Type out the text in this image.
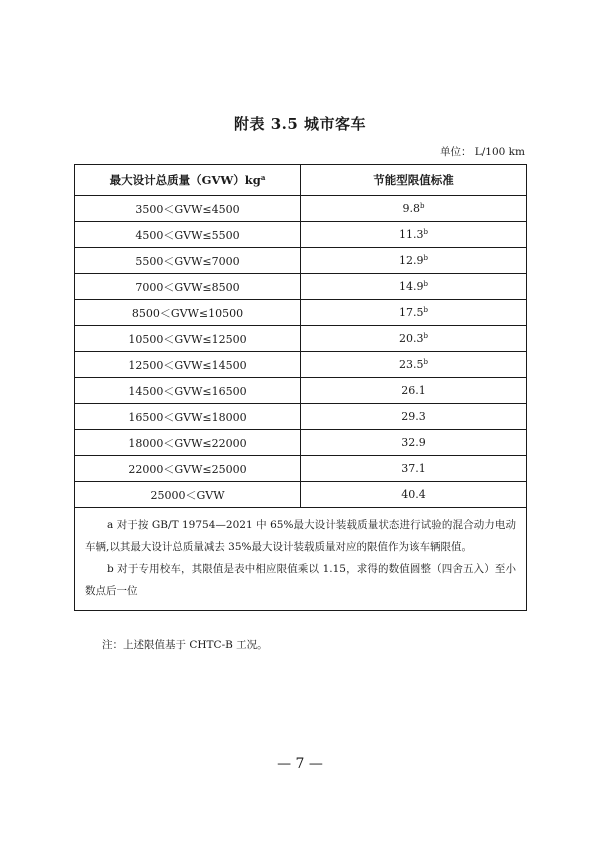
附表 3.5 城市客车
单位： L/100 km
最大设计总质量$(GVW)kg^a$	节能型限值标准
3500＜GVW≤4500	9.8$^b$
4500＜GVW≤5500	11.3$^b$
5500＜GVW≤7000	12.9$^b$
7000＜GVW≤8500	14.9$^b$
8500＜GVW≤10500	17.5$^b$
10500＜GVW≤12500	20.3$^b$
12500＜GVW≤14500	23.5$^b$
14500＜GVW≤16500	26.1
16500＜GVW≤18000	29.3
18000＜GVW≤22000	32.9
22000＜GVW≤25000	37.1
25000＜GVW	40.4

a 对于按 GB/T 19754—2021 中 65%最大设计装载质量状态进行试验的混合动力电动车辆,以其最大设计总质量减去 35%最大设计装载质量对应的限值作为该车辆限值。
b 对于专用校车，其限值是表中相应限值乘以 1.15，求得的数值圆整（四舍五入）至小数点后一位	
注：上述限值基于 CHTC-B 工况。
— 7 —
